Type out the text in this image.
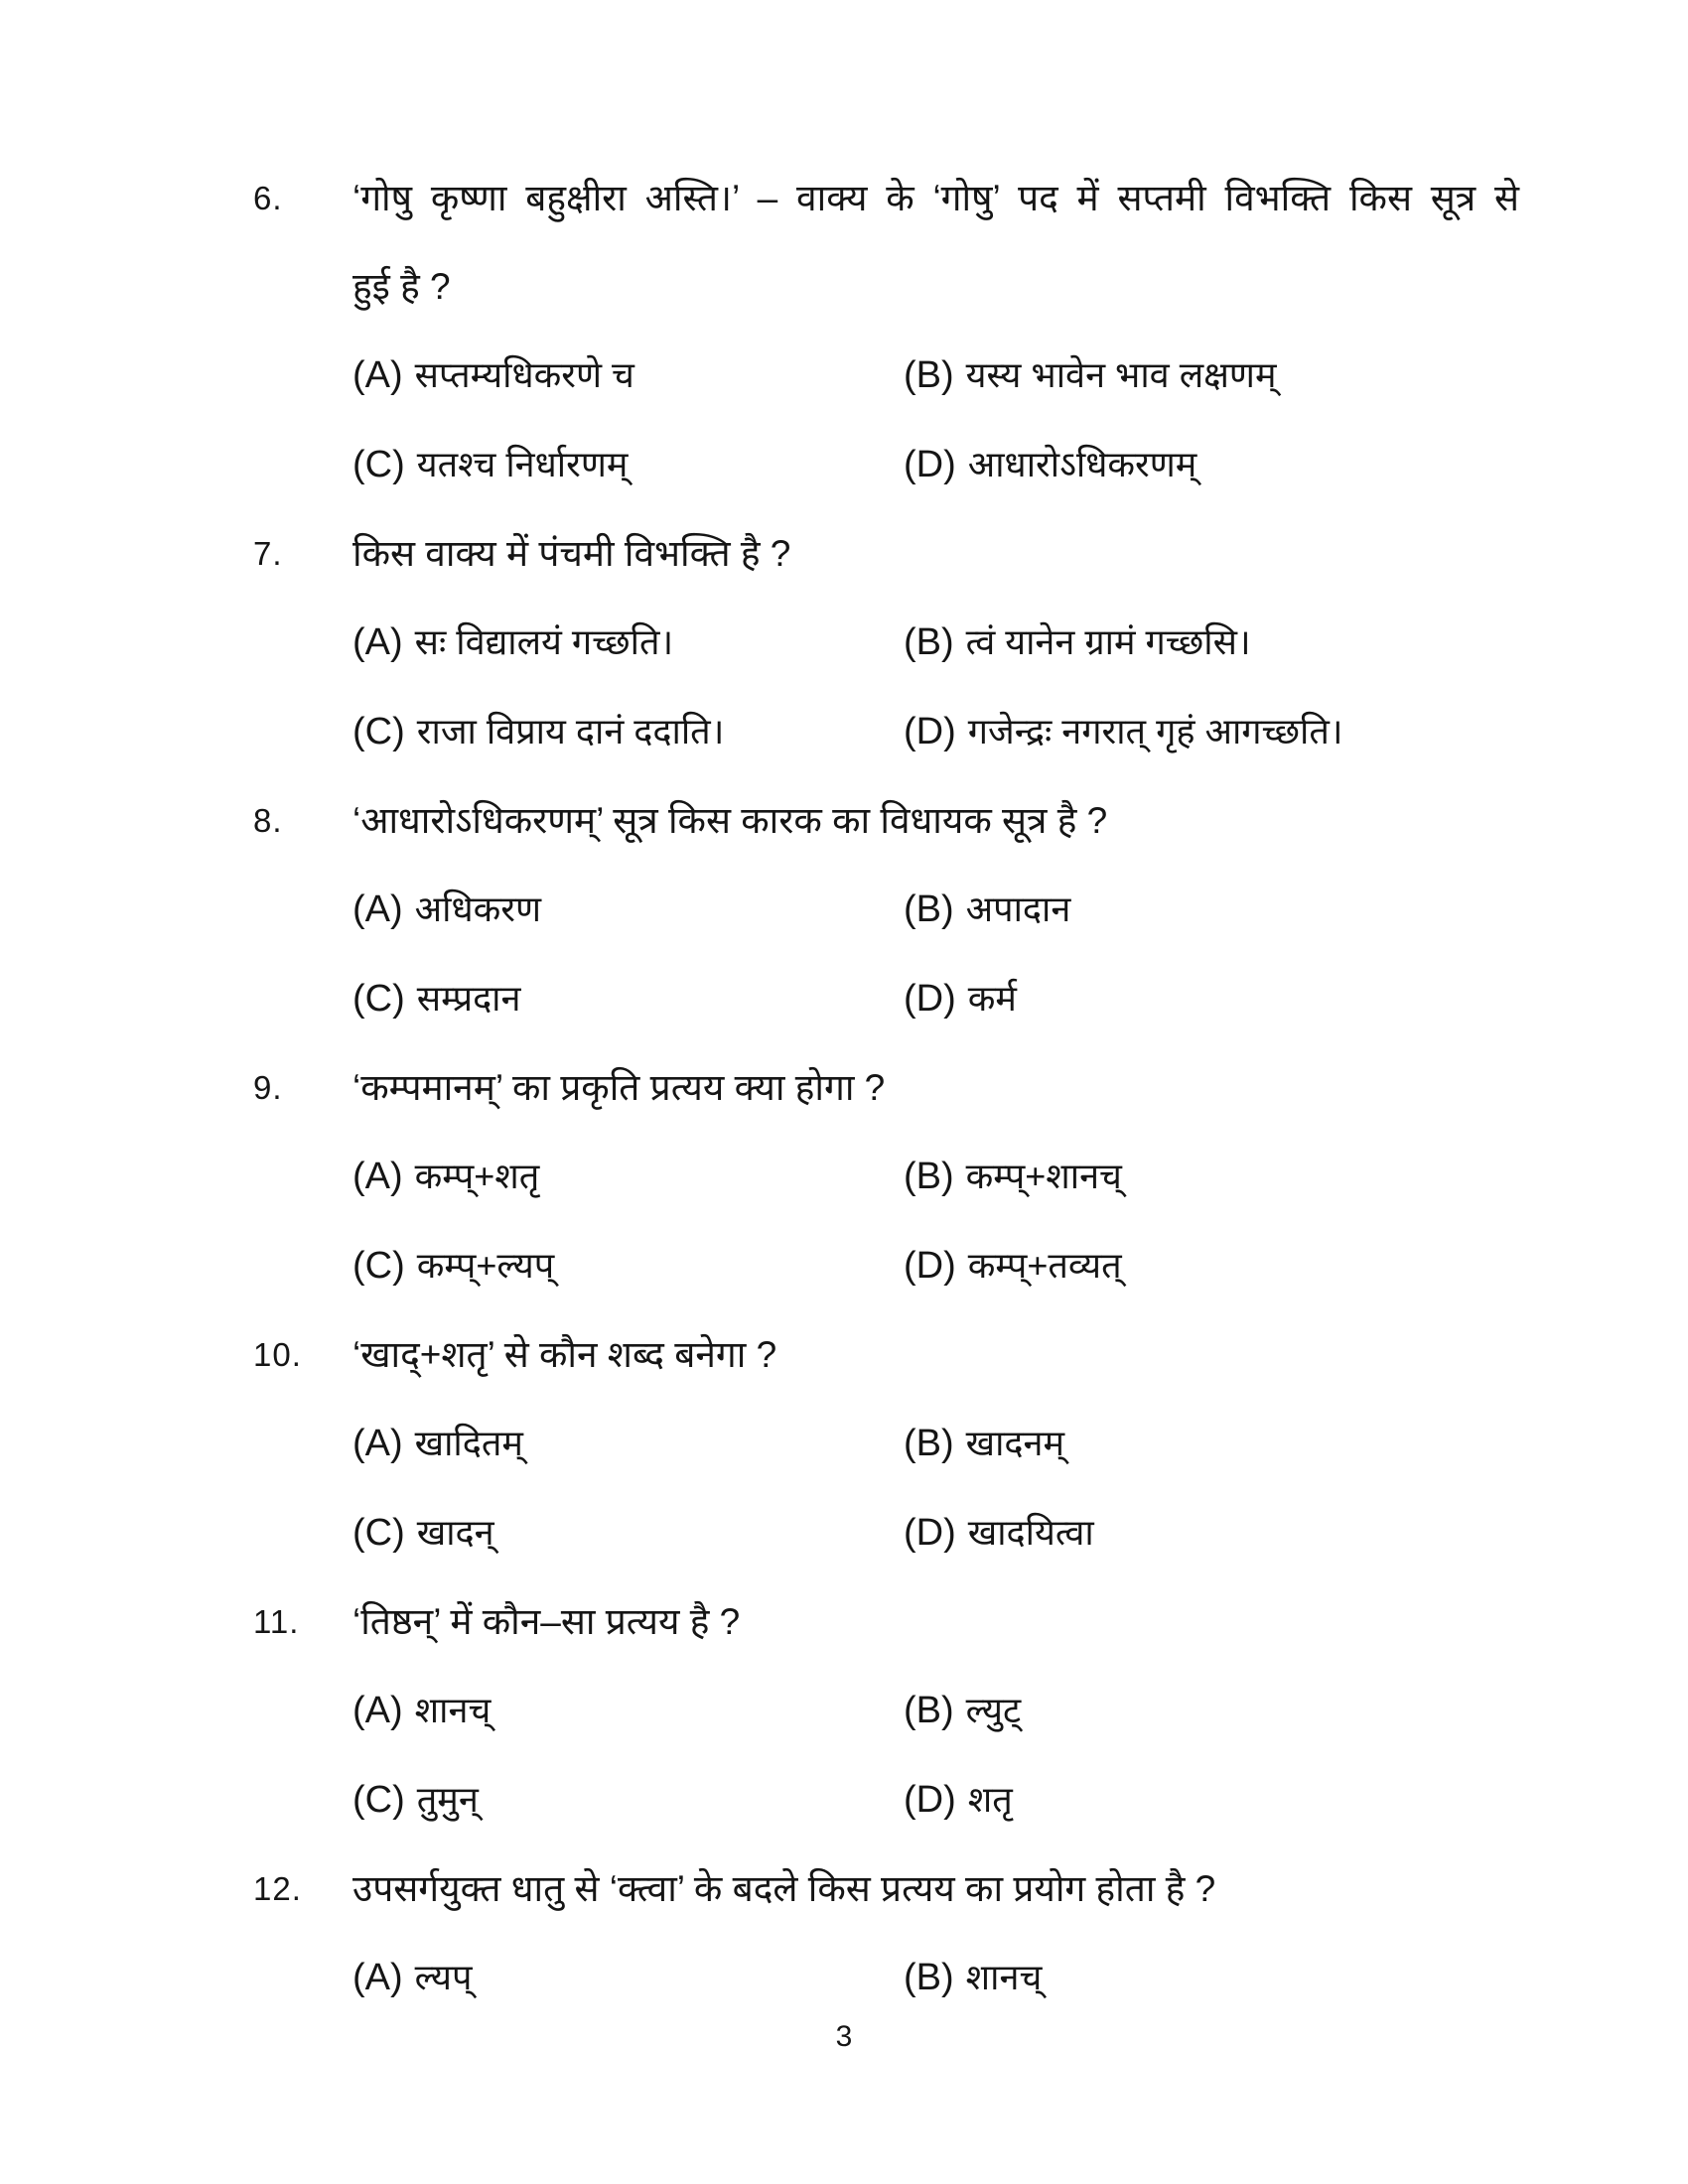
6.	‘गोषु कृष्णा बहुक्षीरा अस्ति।’ – वाक्य के ‘गोषु’ पद में सप्तमी विभक्ति किस सूत्र से
हुई है ?
(A) सप्तम्यधिकरणे च	(B) यस्य भावेन भाव लक्षणम्
(C) यतश्च निर्धारणम्	(D) आधारोऽधिकरणम्
7.	किस वाक्य में पंचमी विभक्ति है ?
(A) सः विद्यालयं गच्छति।	(B) त्वं यानेन ग्रामं गच्छसि।
(C) राजा विप्राय दानं ददाति।	(D) गजेन्द्रः नगरात् गृहं आगच्छति।
8.	‘आधारोऽधिकरणम्’ सूत्र किस कारक का विधायक सूत्र है ?
(A) अधिकरण	(B) अपादान
(C) सम्प्रदान	(D) कर्म
9.	‘कम्पमानम्’ का प्रकृति प्रत्यय क्या होगा ?
(A) कम्प्+शतृ	(B) कम्प्+शानच्
(C) कम्प्+ल्यप्	(D) कम्प्+तव्यत्
10.	‘खाद्+शतृ’ से कौन शब्द बनेगा ?
(A) खादितम्	(B) खादनम्
(C) खादन्	(D) खादयित्वा
11.	‘तिष्ठन्’ में कौन–सा प्रत्यय है ?
(A) शानच्	(B) ल्युट्
(C) तुमुन्	(D) शतृ
12.	उपसर्गयुक्त धातु से ‘क्त्वा’ के बदले किस प्रत्यय का प्रयोग होता है ?
(A) ल्यप्	(B) शानच्
3
